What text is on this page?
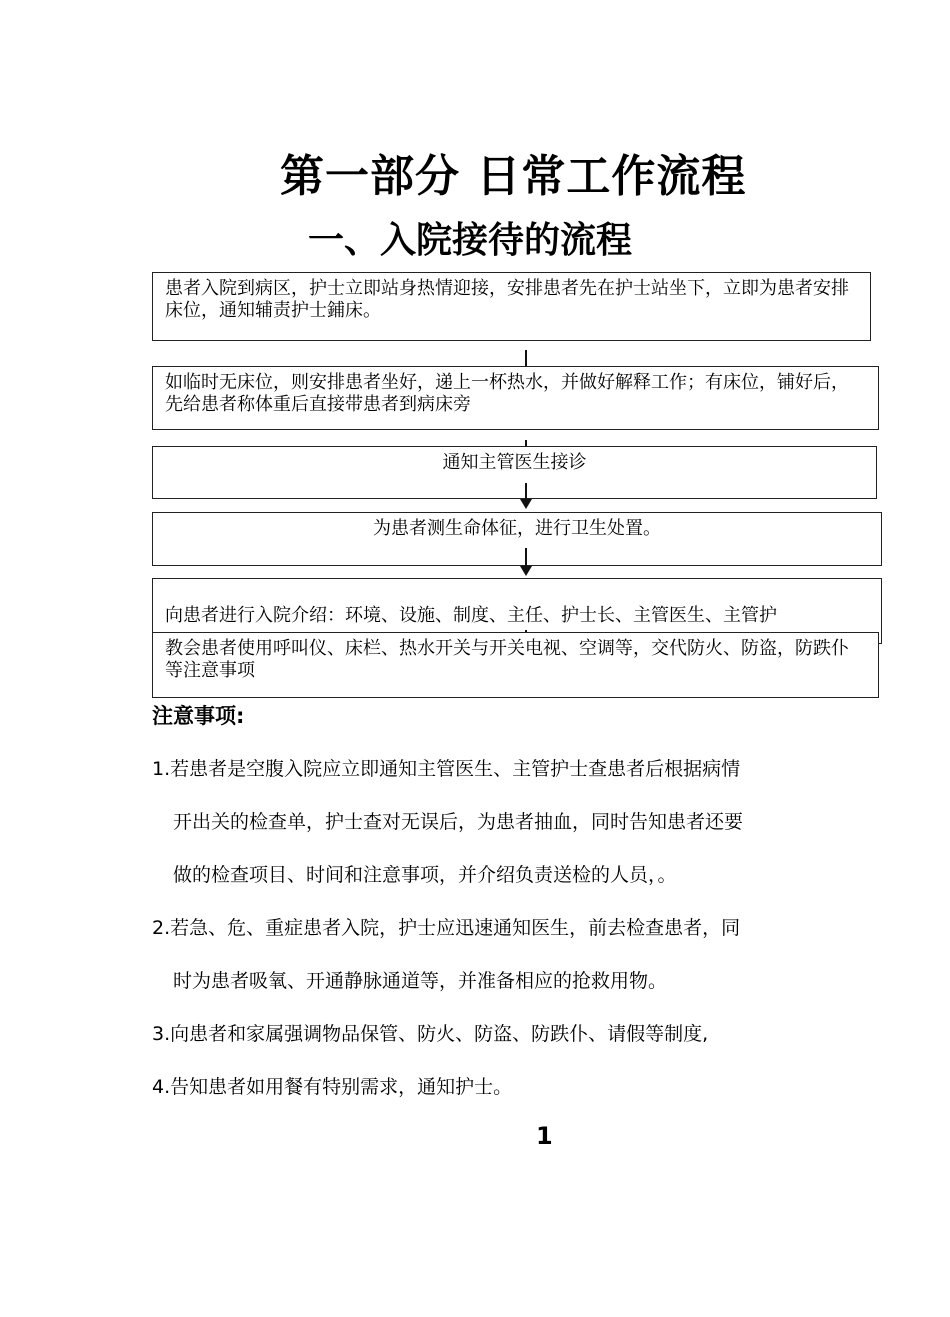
第一部分 日常工作流程
一、入院接待的流程
患者入院到病区，护士立即站身热情迎接，安排患者先在护士站坐下，立即为患者安排床位，通知辅责护士鋪床。
如临时无床位，则安排患者坐好，递上一杯热水，并做好解释工作；有床位，铺好后，先给患者称体重后直接带患者到病床旁
通知主管医生接诊
为患者测生命体征，进行卫生处置。
向患者进行入院介绍：环境、设施、制度、主任、护士长、主管医生、主管护
教会患者使用呼叫仪、床栏、热水开关与开关电视、空调等，交代防火、防盗，防跌仆等注意事项
注意事项:
1.若患者是空腹入院应立即通知主管医生、主管护士查患者后根据病情
开出关的检查单，护士查对无误后，为患者抽血，同时告知患者还要
做的检查项目、时间和注意事项，并介绍负责送检的人员，。
2.若急、危、重症患者入院，护士应迅速通知医生，前去检查患者，同
时为患者吸氧、开通静脉通道等，并准备相应的抢救用物。
3.向患者和家属强调物品保管、防火、防盗、防跌仆、请假等制度,
4.告知患者如用餐有特别需求，通知护士。
1
